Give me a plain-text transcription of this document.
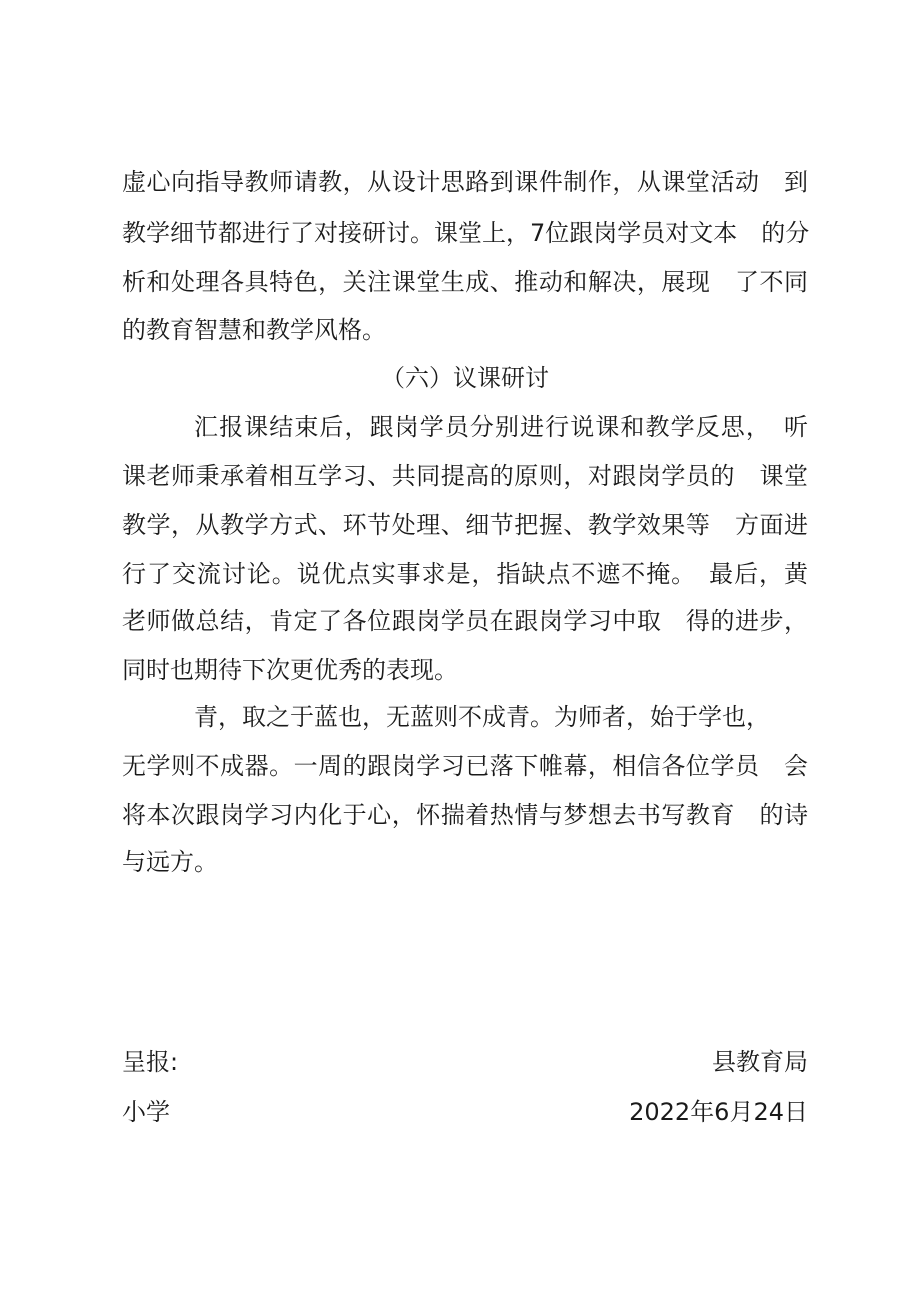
虚心向指导教师请教，从设计思路到课件制作，从课堂活动　到
教学细节都进行了对接研讨。课堂上，7位跟岗学员对文本　的分
析和处理各具特色，关注课堂生成、推动和解决，展现　了不同
的教育智慧和教学风格。
（六）议课研讨
汇报课结束后，跟岗学员分别进行说课和教学反思，　听
课老师秉承着相互学习、共同提高的原则，对跟岗学员的　课堂
教学，从教学方式、环节处理、细节把握、教学效果等　方面进
行了交流讨论。说优点实事求是，指缺点不遮不掩。　最后，黄
老师做总结，肯定了各位跟岗学员在跟岗学习中取　得的进步，
同时也期待下次更优秀的表现。
青，取之于蓝也，无蓝则不成青。为师者，始于学也，
无学则不成器。一周的跟岗学习已落下帷幕，相信各位学员　会
将本次跟岗学习内化于心，怀揣着热情与梦想去书写教育　的诗
与远方。
呈报:	县教育局
小学	2022年6月24日
